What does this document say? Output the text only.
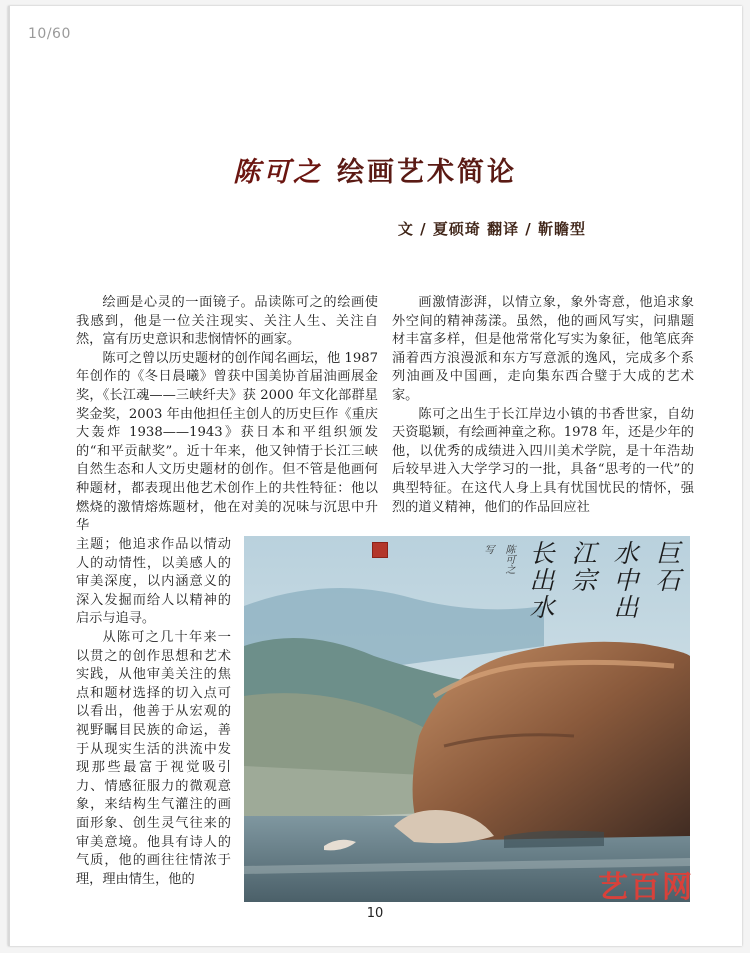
10/60
陈可之 绘画艺术简论
文 / 夏硕琦 翻译 / 靳瞻型

绘画是心灵的一面镜子。品读陈可之的绘画使我感到，他是一位关注现实、关注人生、关注自然，富有历史意识和悲悯情怀的画家。

陈可之曾以历史题材的创作闻名画坛，他 1987 年创作的《冬日晨曦》曾获中国美协首届油画展金奖，《长江魂——三峡纤夫》获 2000 年文化部群星奖金奖，2003 年由他担任主创人的历史巨作《重庆大轰炸 1938——1943》获日本和平组织颁发的“和平贡献奖”。近十年来，他又钟情于长江三峡自然生态和人文历史题材的创作。但不管是他画何种题材，都表现出他艺术创作上的共性特征：他以燃烧的激情熔炼题材，他在对美的况味与沉思中升华

画激情澎湃，以情立象，象外寄意，他追求象外空间的精神荡漾。虽然，他的画风写实，问鼎题材丰富多样，但是他常常化写实为象征，他笔底奔涌着西方浪漫派和东方写意派的逸风，完成多个系列油画及中国画，走向集东西合璧于大成的艺术家。

陈可之出生于长江岸边小镇的书香世家，自幼天资聪颖，有绘画神童之称。1978 年，还是少年的他，以优秀的成绩进入四川美术学院，是十年浩劫后较早进入大学学习的一批，具备“思考的一代”的典型特征。在这代人身上具有忧国忧民的情怀，强烈的道义精神，他们的作品回应社

主题；他追求作品以情动人的动情性，以美感人的审美深度，以内涵意义的深入发掘而给人以精神的启示与追寻。

从陈可之几十年来一以贯之的创作思想和艺术实践，从他审美关注的焦点和题材选择的切入点可以看出，他善于从宏观的视野瞩目民族的命运，善于从现实生活的洪流中发现那些最富于视觉吸引力、情感征服力的微观意象，来结构生气灌注的画面形象、创生灵气往来的审美意境。他具有诗人的气质，他的画往往情浓于理，理由情生，他的

巨石
水中出
江宗
长出水
陈可之
写
10
艺百网
